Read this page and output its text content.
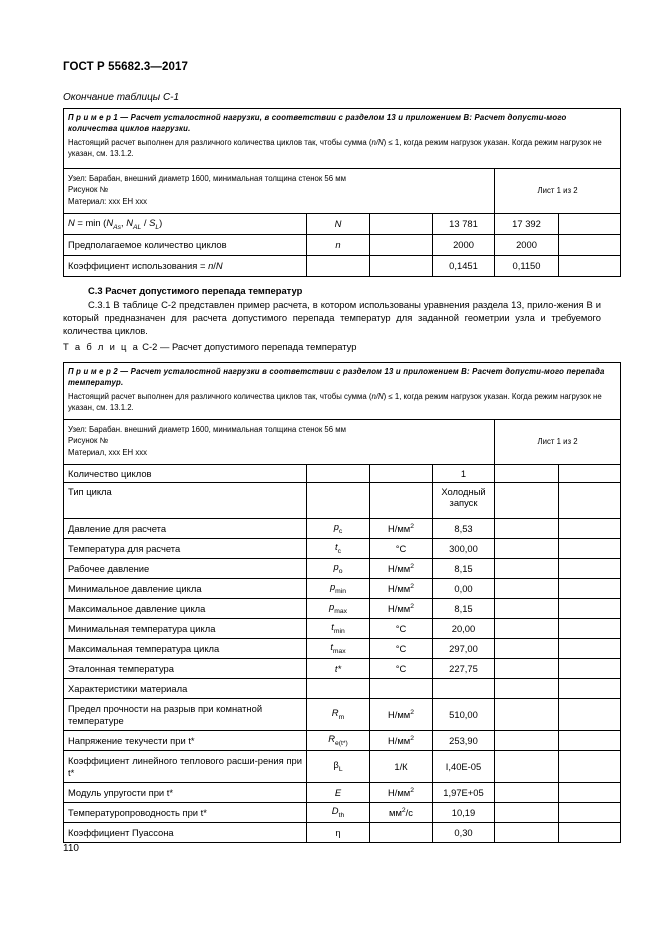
ГОСТ Р 55682.3—2017
Окончание таблицы С-1
П р и м е р 1 — Расчет усталостной нагрузки, в соответствии с разделом 13 и приложением В: Расчет допусти-мого количества циклов нагрузки.
Настоящий расчет выполнен для различного количества циклов так, чтобы сумма (n/N) ≤ 1, когда режим нагрузок указан. Когда режим нагрузок не указан, см. 13.1.2.					

Узел: Барабан, внешний диаметр 1600, минимальная толщина стенок 56 мм
Рисунок №
Материал: ххх ЕН ххх				Лист 1 из 2	
$N = \min (N_{As}$, $N_{AL} / S_L$)	N		13 781	17 392	
Предполагаемое количество циклов	n		2000	2000	
Коэффициент использования = n/N			0,1451	0,1150	
С.3 Расчет допустимого перепада температур
С.3.1 В таблице С-2 представлен пример расчета, в котором использованы уравнения раздела 13, прило-жения В и который предназначен для расчета допустимого перепада температур для заданной геометрии узла и требуемого количества циклов.
Т а б л и ц а С-2 — Расчет допустимого перепада температур
П р и м е р 2 — Расчет усталостной нагрузки в соответствии с разделом 13 и приложением В: Расчет допусти-мого перепада температур.
Настоящий расчет выполнен для различного количества циклов так, чтобы сумма (n/N) ≤ 1, когда режим нагрузок указан. Когда режим нагрузок не указан, см. 13.1.2.					

Узел: Барабан. внешний диаметр 1600, минимальная толщина стенок 56 мм
Рисунок №
Материал, ххх ЕН ххх				Лист 1 из 2	
Количество циклов			1		
Тип цикла			Холодный запуск		
Давление для расчета	$p_c$	$Н/мм^2$	8,53		
Температура для расчета	$t_c$	°С	300,00		
Рабочее давление	$p_o$	$Н/мм^2$	8,15		
Минимальное давление цикла	$p_{min}$	$Н/мм^2$	0,00		
Максимальное давление цикла	$p_{max}$	$Н/мм^2$	8,15		
Минимальная температура цикла	$t_{min}$	°С	20,00		
Максимальная температура цикла	$t_{max}$	°С	297,00		
Эталонная температура	t*	°С	227,75		
Характеристики материала					
Предел прочности на разрыв при комнатной температуре	$R_m$	$Н/мм^2$	510,00		
Напряжение текучести при t*	$R_{e(t*)}$	$Н/мм^2$	253,90		
Коэффициент линейного теплового расши-рения при t*	$\beta_L$	1/К	I,40E-05		
Модуль упругости при t*	E	$Н/мм^2$	1,97E+05		
Температуропроводность при t*	$D_{th}$	$мм^2/с$	10,19		
Коэффициент Пуассона	η		0,30		
110
